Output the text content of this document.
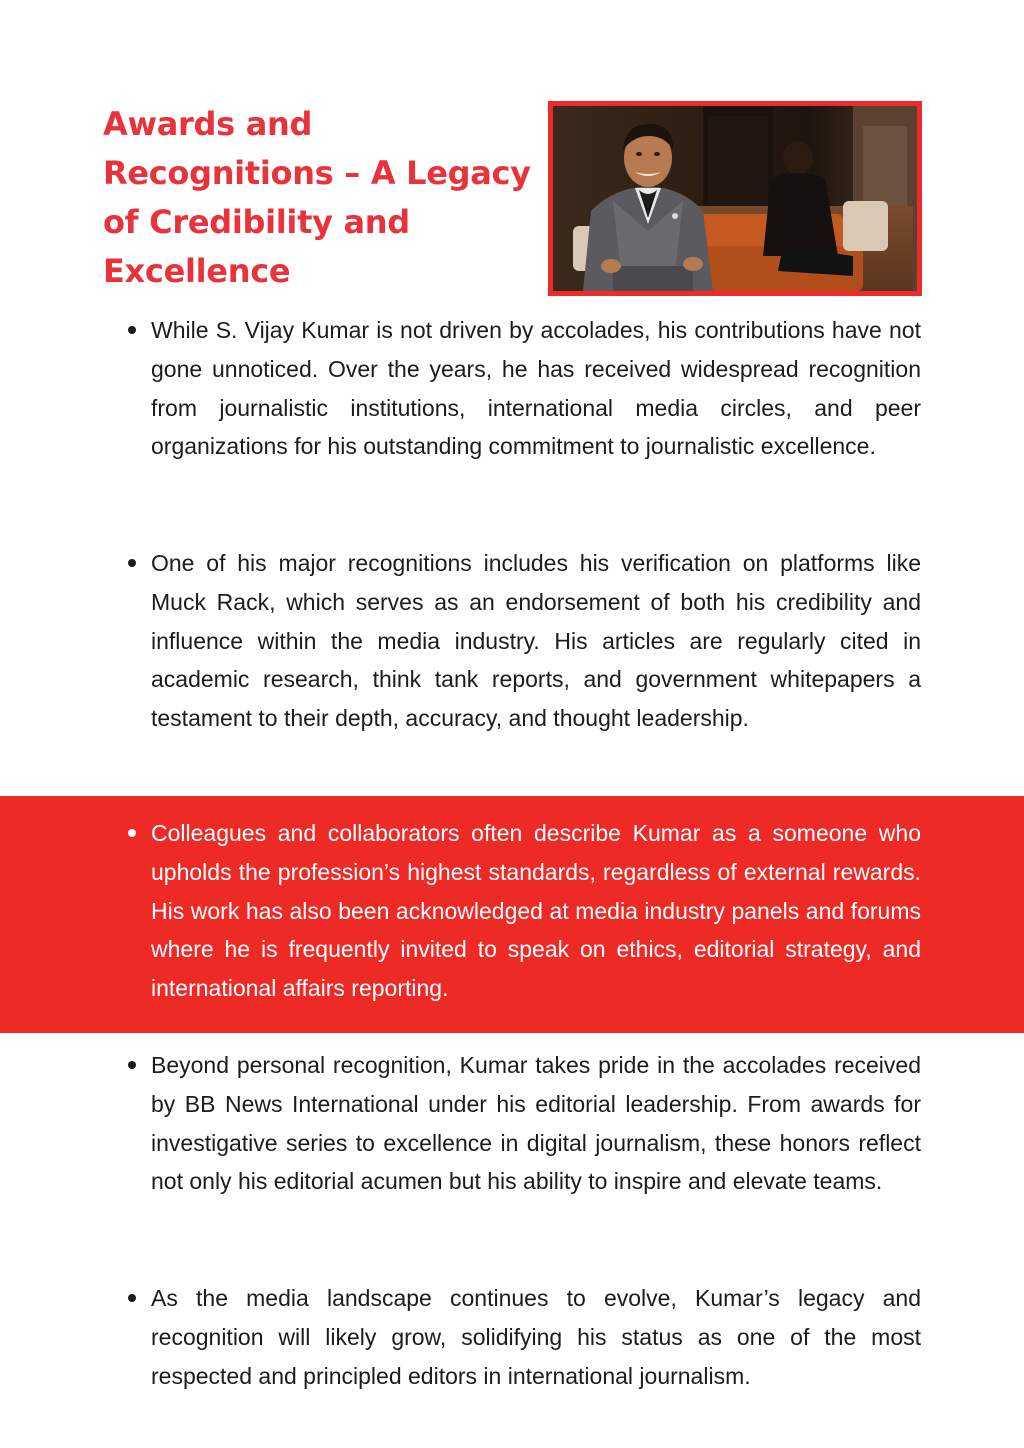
Awards and Recognitions – A Legacy of Credibility and Excellence
While S. Vijay Kumar is not driven by accolades, his contributions have not gone unnoticed. Over the years, he has received widespread recognition from journalistic institutions, international media circles, and peer organizations for his outstanding commitment to journalistic excellence.
One of his major recognitions includes his verification on platforms like Muck Rack, which serves as an endorsement of both his credibility and influence within the media industry. His articles are regularly cited in academic research, think tank reports, and government whitepapers a testament to their depth, accuracy, and thought leadership.
Colleagues and collaborators often describe Kumar as a someone who upholds the profession’s highest standards, regardless of external rewards. His work has also been acknowledged at media industry panels and forums where he is frequently invited to speak on ethics, editorial strategy, and international affairs reporting.
Beyond personal recognition, Kumar takes pride in the accolades received by BB News International under his editorial leadership. From awards for investigative series to excellence in digital journalism, these honors reflect not only his editorial acumen but his ability to inspire and elevate teams.
As the media landscape continues to evolve, Kumar’s legacy and recognition will likely grow, solidifying his status as one of the most respected and principled editors in international journalism.
